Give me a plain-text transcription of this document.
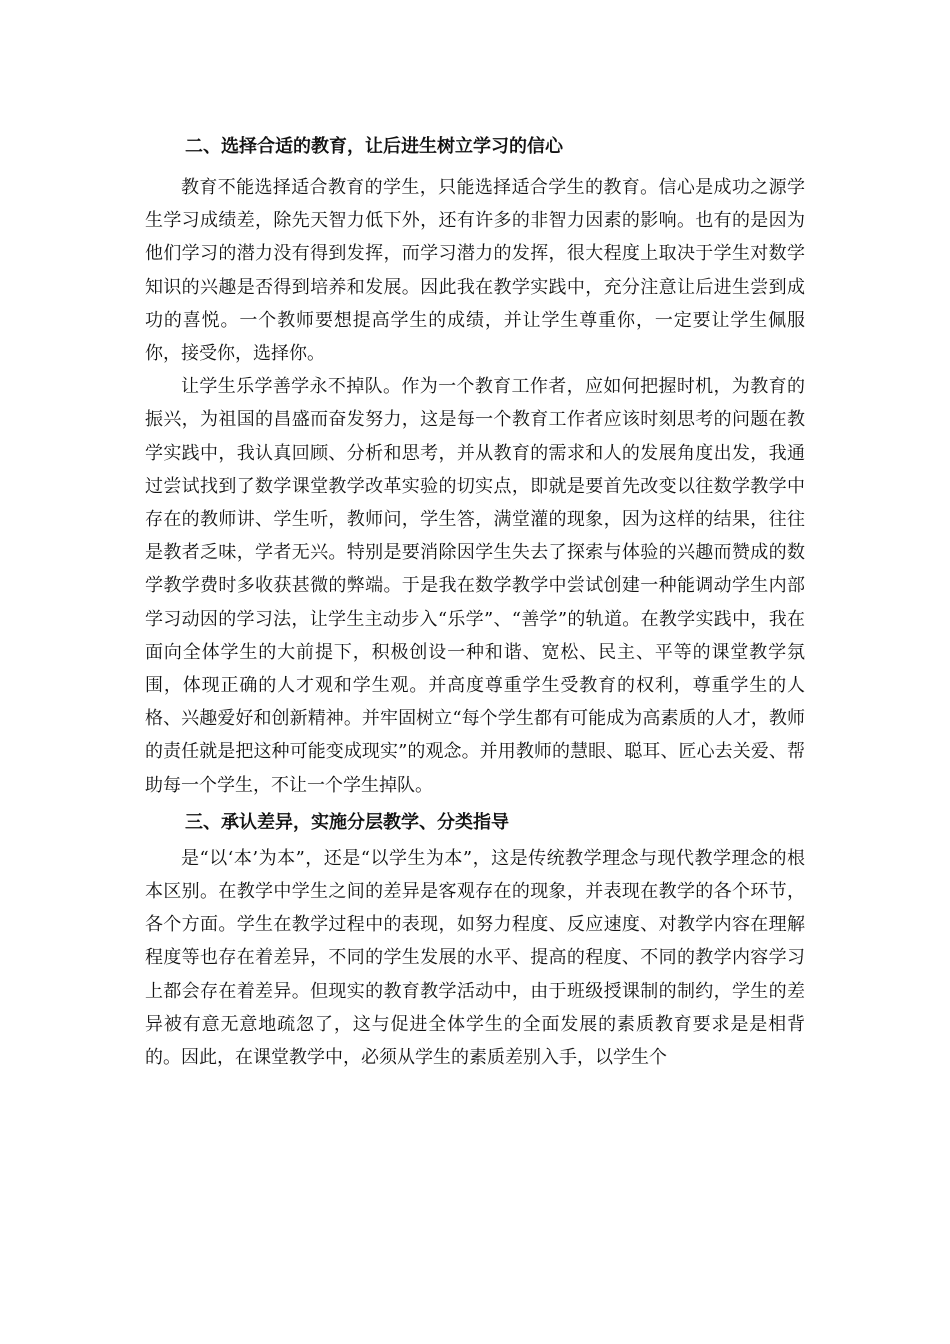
二、选择合适的教育，让后进生树立学习的信心

教育不能选择适合教育的学生，只能选择适合学生的教育。信心是成功之源学生学习成绩差，除先天智力低下外，还有许多的非智力因素的影响。也有的是因为他们学习的潜力没有得到发挥，而学习潜力的发挥，很大程度上取决于学生对数学知识的兴趣是否得到培养和发展。因此我在教学实践中，充分注意让后进生尝到成功的喜悦。一个教师要想提高学生的成绩，并让学生尊重你，一定要让学生佩服你，接受你，选择你。

让学生乐学善学永不掉队。作为一个教育工作者，应如何把握时机，为教育的振兴，为祖国的昌盛而奋发努力，这是每一个教育工作者应该时刻思考的问题在教学实践中，我认真回顾、分析和思考，并从教育的需求和人的发展角度出发，我通过尝试找到了数学课堂教学改革实验的切实点，即就是要首先改变以往数学教学中存在的教师讲、学生听，教师问，学生答，满堂灌的现象，因为这样的结果，往往是教者乏味，学者无兴。特别是要消除因学生失去了探索与体验的兴趣而赞成的数学教学费时多收获甚微的弊端。于是我在数学教学中尝试创建一种能调动学生内部学习动因的学习法，让学生主动步入“乐学”、“善学”的轨道。在教学实践中，我在面向全体学生的大前提下，积极创设一种和谐、宽松、民主、平等的课堂教学氛围，体现正确的人才观和学生观。并高度尊重学生受教育的权利，尊重学生的人格、兴趣爱好和创新精神。并牢固树立“每个学生都有可能成为高素质的人才，教师的责任就是把这种可能变成现实”的观念。并用教师的慧眼、聪耳、匠心去关爱、帮助每一个学生，不让一个学生掉队。

三、承认差异，实施分层教学、分类指导

是“以‘本’为本”，还是“以学生为本”，这是传统教学理念与现代教学理念的根本区别。在教学中学生之间的差异是客观存在的现象，并表现在教学的各个环节，各个方面。学生在教学过程中的表现，如努力程度、反应速度、对教学内容在理解程度等也存在着差异，不同的学生发展的水平、提高的程度、不同的教学内容学习上都会存在着差异。但现实的教育教学活动中，由于班级授课制的制约，学生的差异被有意无意地疏忽了，这与促进全体学生的全面发展的素质教育要求是是相背的。因此，在课堂教学中，必须从学生的素质差别入手，以学生个
